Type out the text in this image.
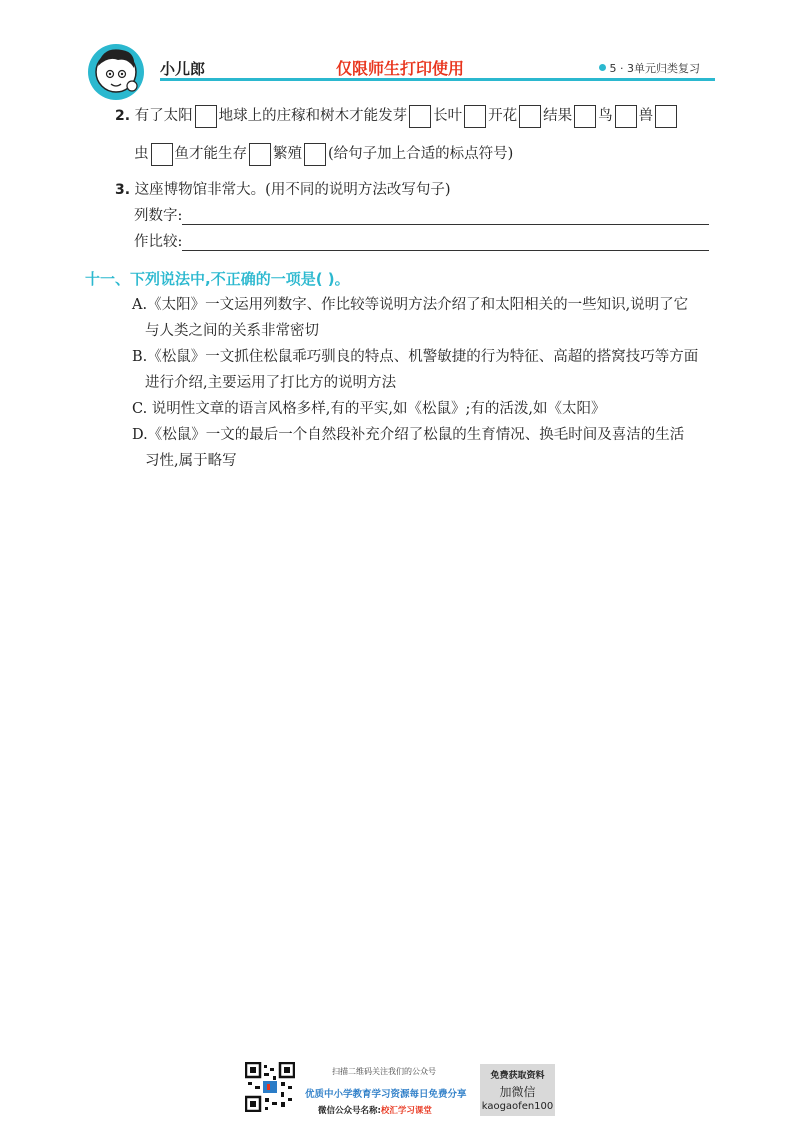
小儿郎	仅限师生打印使用	5 · 3单元归类复习
2. 有了太阳 地球上的庄稼和树木才能发芽 长叶 开花 结果 鸟 兽
虫 鱼才能生存 繁殖 (给句子加上合适的标点符号)
3. 这座博物馆非常大。(用不同的说明方法改写句子)
列数字:
作比较:
十一、下列说法中,不正确的一项是( )。
A.《太阳》一文运用列数字、作比较等说明方法介绍了和太阳相关的一些知识,说明了它
与人类之间的关系非常密切
B.《松鼠》一文抓住松鼠乖巧驯良的特点、机警敏捷的行为特征、高超的搭窝技巧等方面
进行介绍,主要运用了打比方的说明方法
C. 说明性文章的语言风格多样,有的平实,如《松鼠》;有的活泼,如《太阳》
D.《松鼠》一文的最后一个自然段补充介绍了松鼠的生育情况、换毛时间及喜洁的生活
习性,属于略写
扫描二维码关注我们的公众号
优质中小学教育学习资源每日免费分享
微信公众号名称:校汇学习课堂
免费获取资料
加微信
kaogaofen100
